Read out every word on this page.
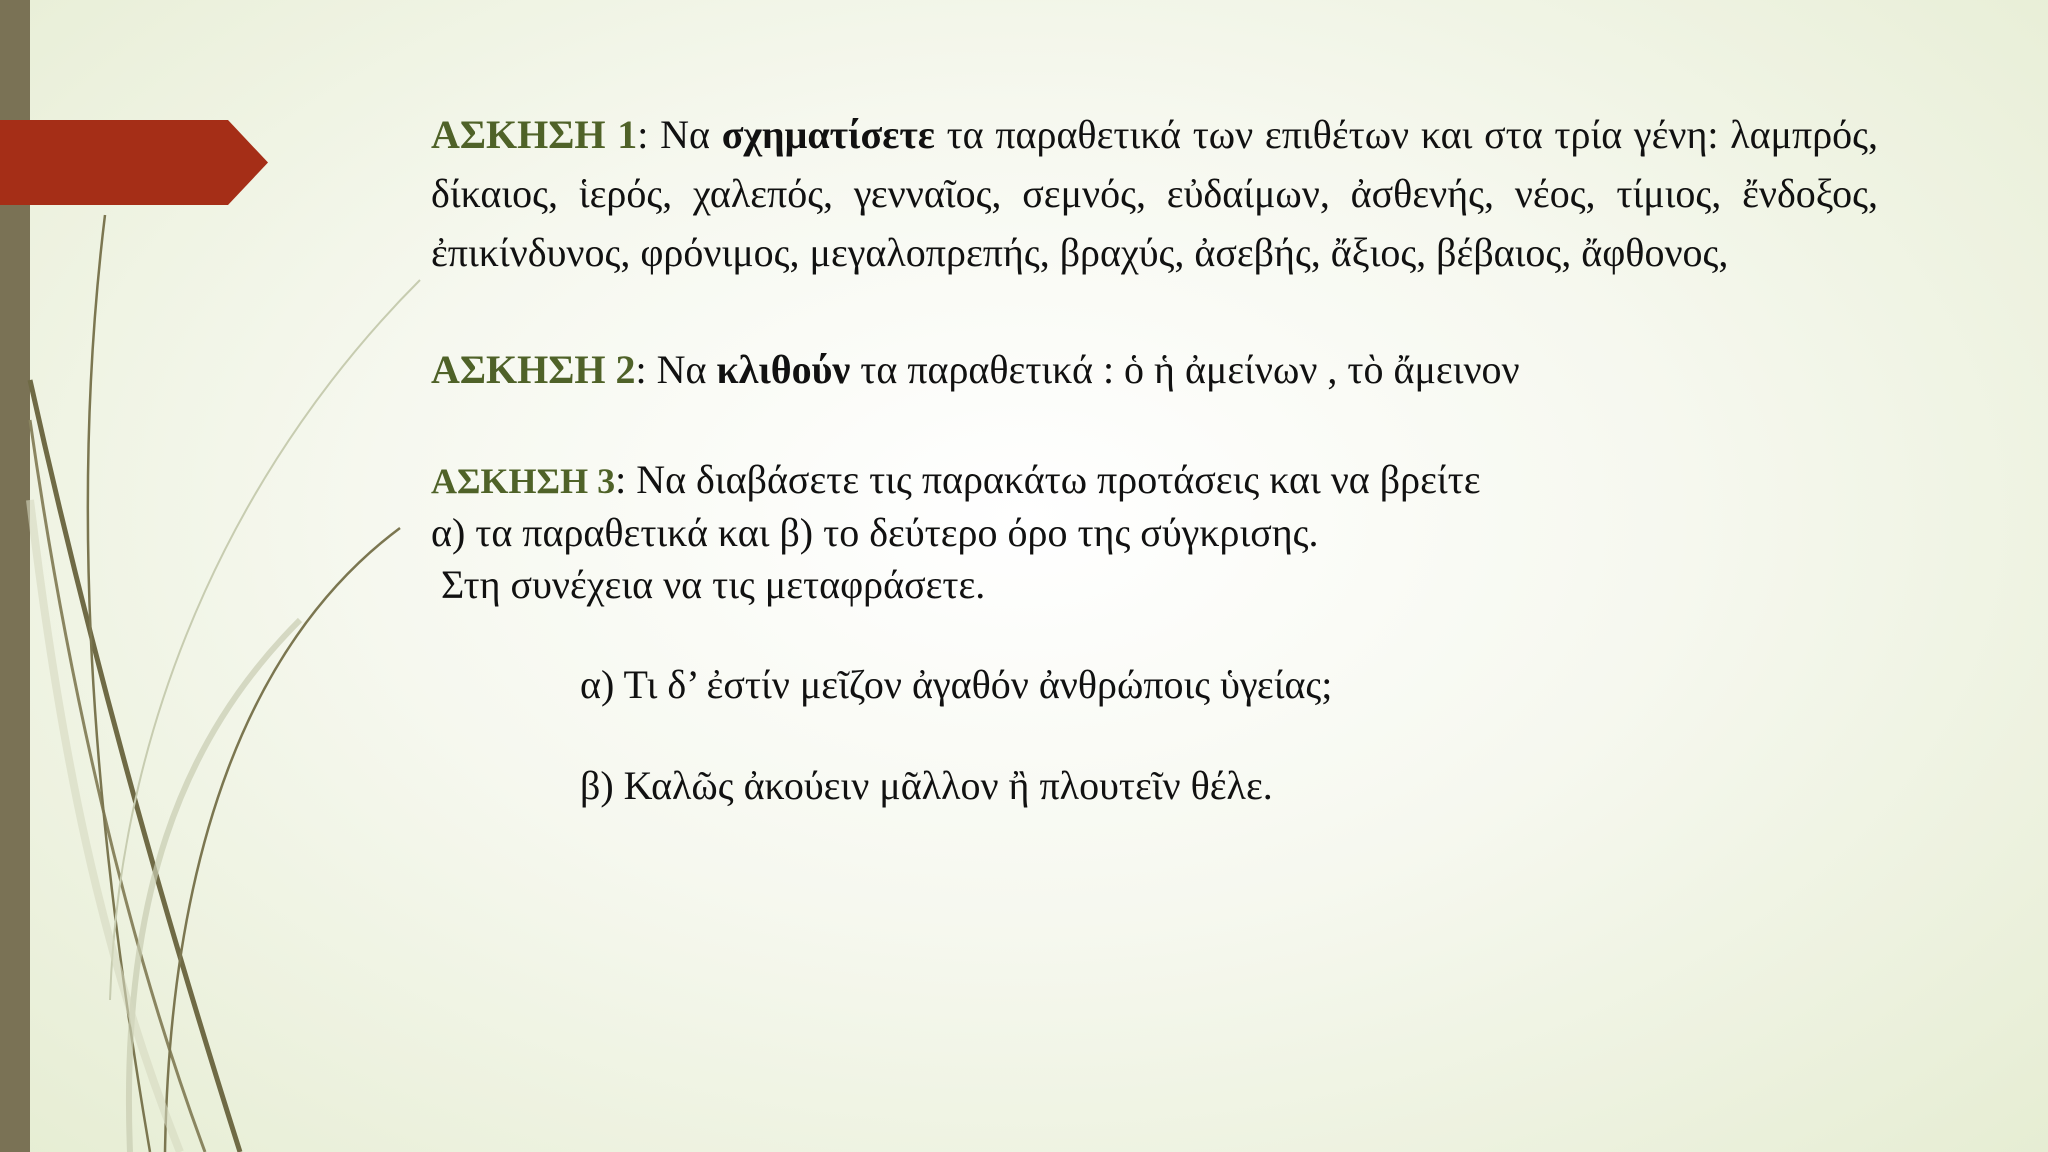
ΑΣΚΗΣΗ 1: Να σχηματίσετε τα παραθετικά των επιθέτων και στα τρία γένη: λαμπρός, δίκαιος, ἱερός, χαλεπός, γενναῖος, σεμνός, εὐδαίμων, ἀσθενής, νέος, τίμιος, ἔνδοξος, ἐπικίνδυνος, φρόνιμος, μεγαλοπρεπής, βραχύς, ἀσεβής, ἄξιος, βέβαιος, ἄφθονος,
ΑΣΚΗΣΗ 2: Να κλιθούν τα παραθετικά : ὁ ἡ ἀμείνων , τὸ ἄμεινον
ΑΣΚΗΣΗ 3: Να διαβάσετε τις παρακάτω προτάσεις και να βρείτε
α) τα παραθετικά και β) το δεύτερο όρο της σύγκρισης.
Στη συνέχεια να τις μεταφράσετε.
α) Τι δ’ ἐστίν μεῖζον ἀγαθόν ἀνθρώποις ὑγείας;
β) Καλῶς ἀκούειν μᾶλλον ἢ πλουτεῖν θέλε.
